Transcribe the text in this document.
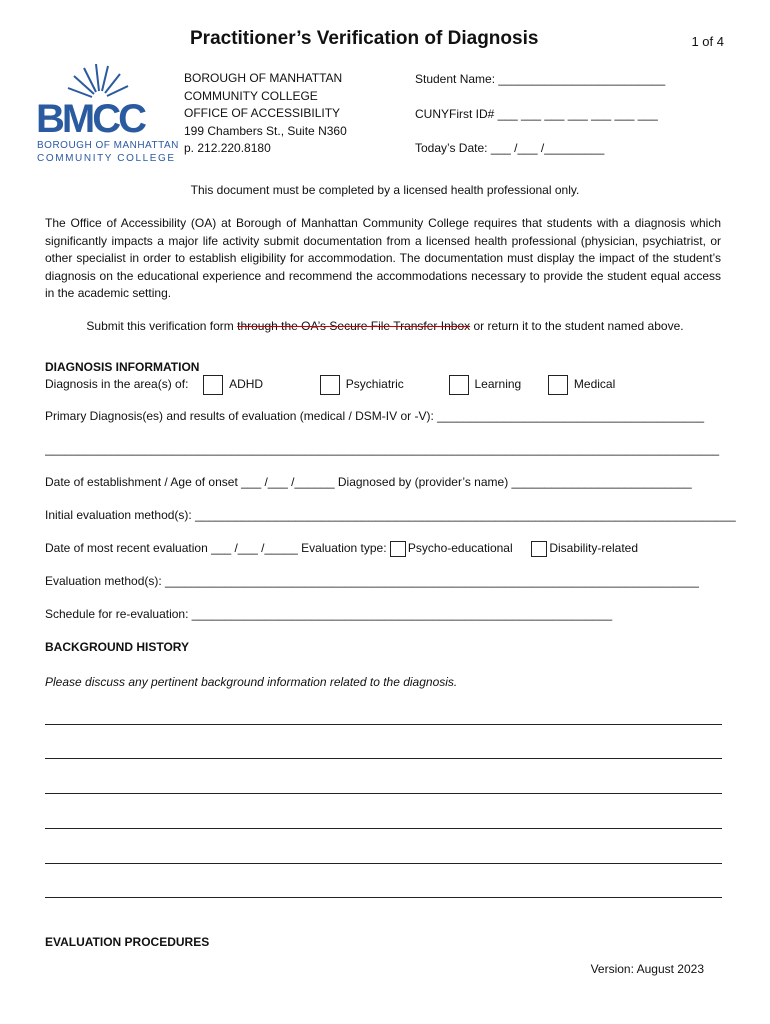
Practitioner’s Verification of Diagnosis	1 of 4
BMCC
BOROUGH OF MANHATTAN
COMMUNITY COLLEGE
BOROUGH OF MANHATTAN
COMMUNITY COLLEGE
OFFICE OF ACCESSIBILITY
199 Chambers St., Suite N360
p. 212.220.8180
Student Name: _________________________
CUNYFirst ID# ___ ___ ___ ___ ___ ___ ___
Today’s Date: ___ /___ /_________
This document must be completed by a licensed health professional only.
The Office of Accessibility (OA) at Borough of Manhattan Community College requires that students with a diagnosis which significantly impacts a major life activity submit documentation from a licensed health professional (physician, psychiatrist, or other specialist in order to establish eligibility for accommodation. The documentation must display the impact of the student’s diagnosis on the educational experience and recommend the accommodations necessary to provide the student equal access in the academic setting.
Submit this verification form through the OA’s Secure File Transfer Inbox or return it to the student named above.
DIAGNOSIS INFORMATION
Diagnosis in the area(s) of:	ADHD	Psychiatric	Learning	Medical
Primary Diagnosis(es) and results of evaluation (medical / DSM-IV or -V): ________________________________________
_____________________________________________________________________________________________________
Date of establishment / Age of onset ___ /___ /______ Diagnosed by (provider’s name) ___________________________
Initial evaluation method(s): _________________________________________________________________________________
Date of most recent evaluation ___ /___ /_____ Evaluation type: Psycho-educational	Disability-related
Evaluation method(s): ________________________________________________________________________________
Schedule for re-evaluation: _______________________________________________________________
BACKGROUND HISTORY
Please discuss any pertinent background information related to the diagnosis.
EVALUATION PROCEDURES
Version: August 2023
